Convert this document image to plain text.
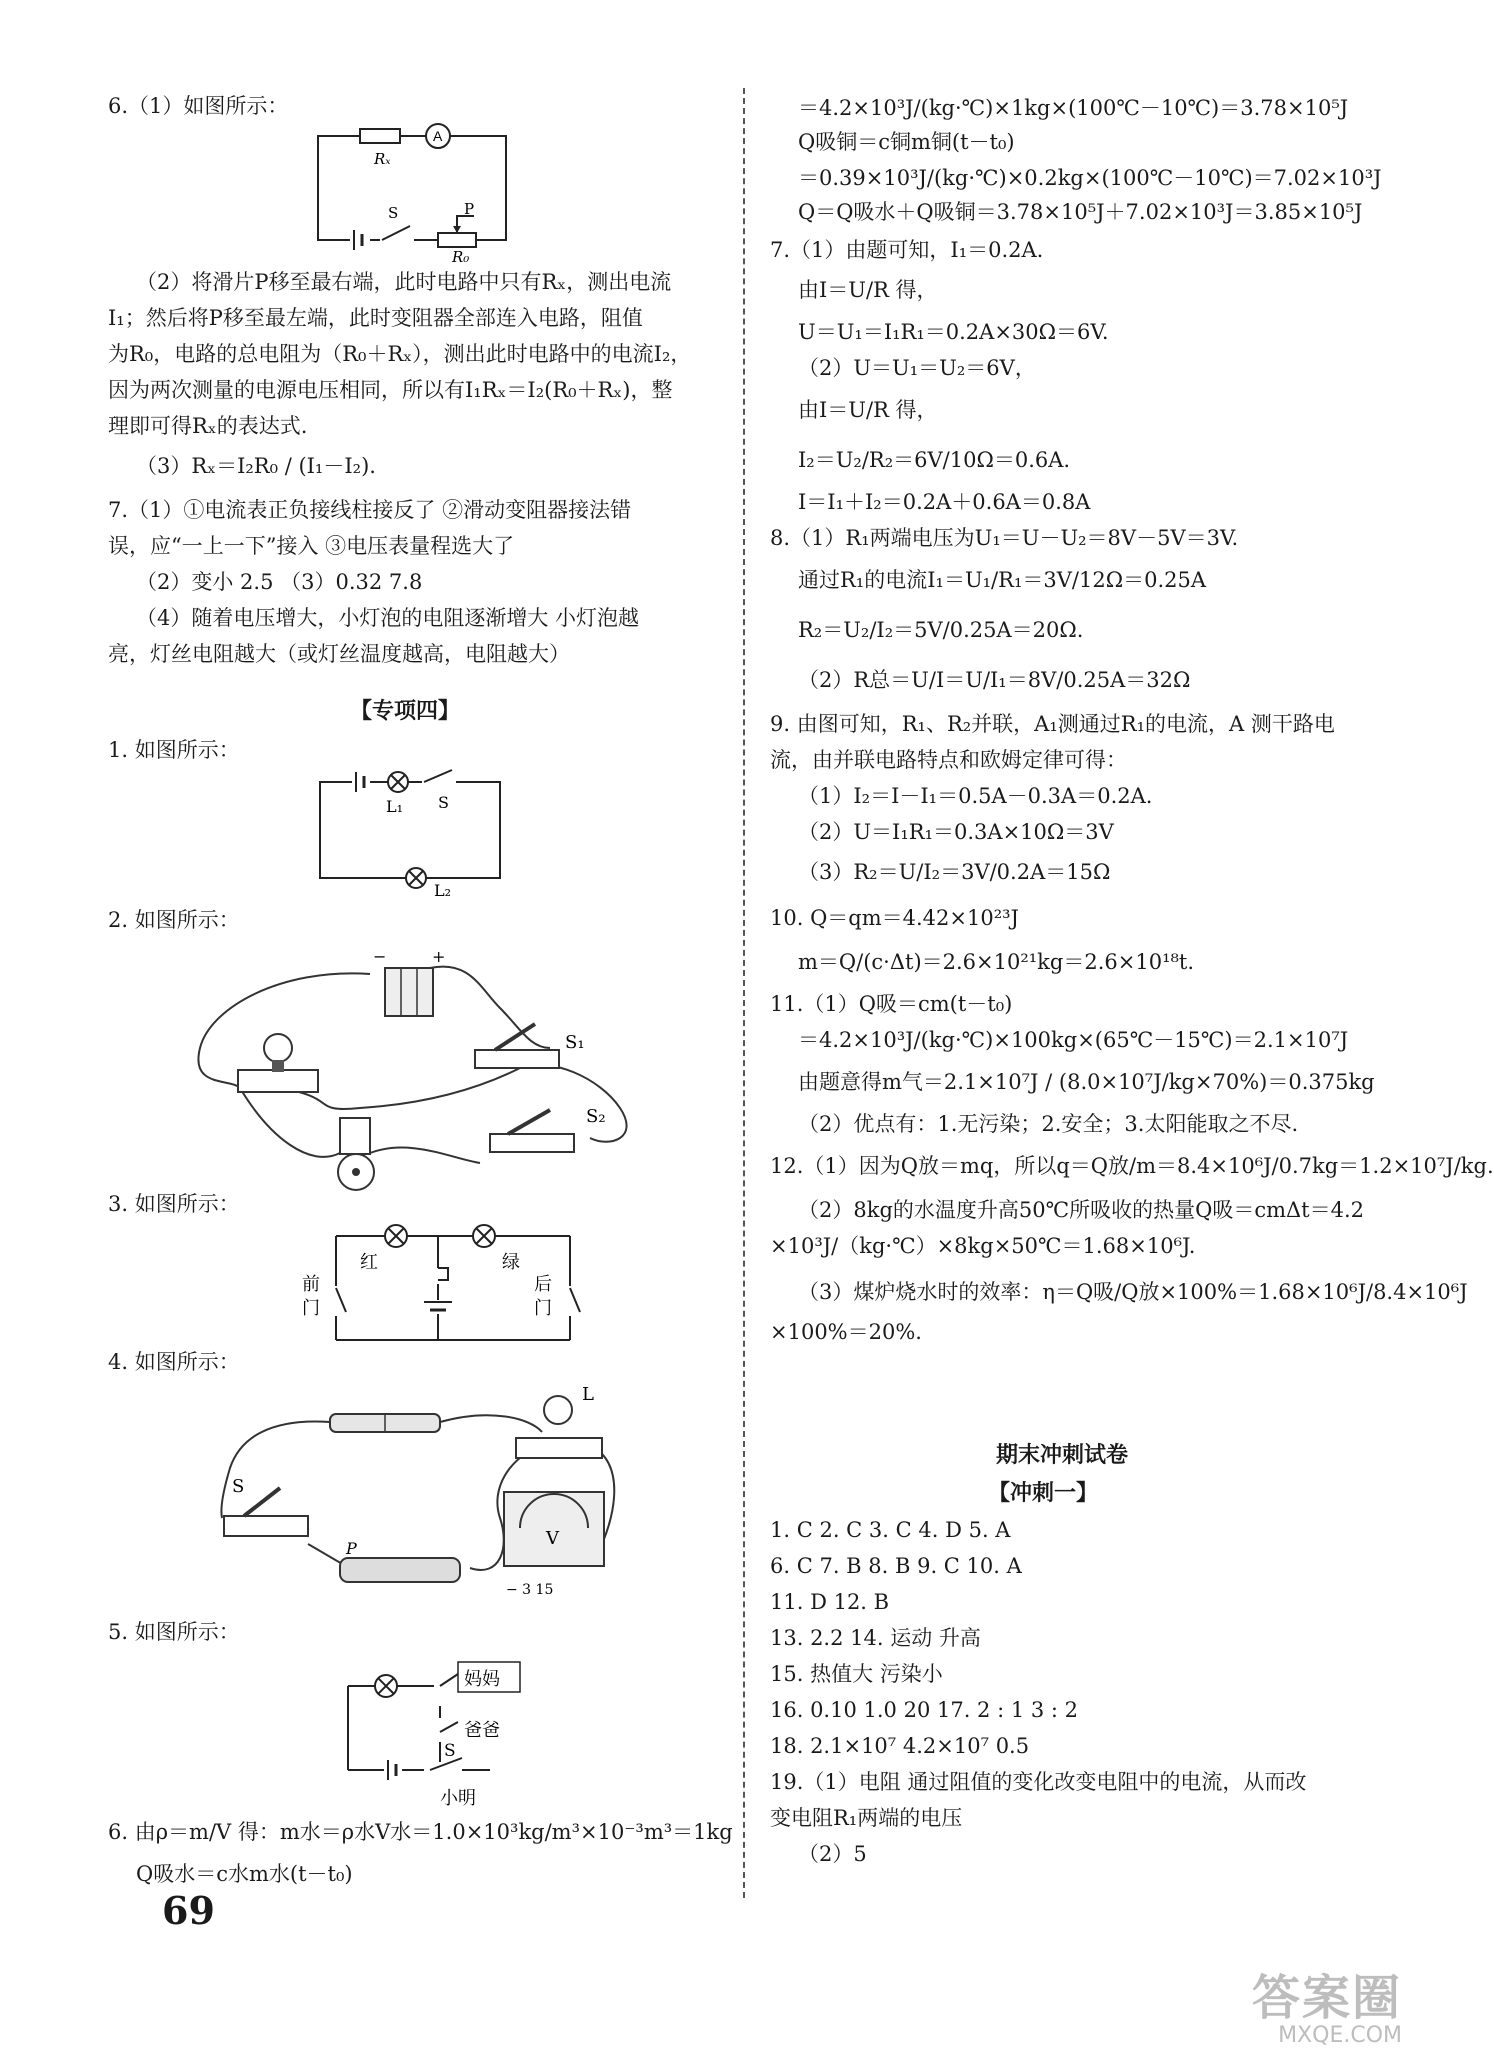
6.（1）如图所示：
A
Rₓ
S	P
R₀
（2）将滑片P移至最右端，此时电路中只有Rₓ，测出电流
I₁；然后将P移至最左端，此时变阻器全部连入电路，阻值
为R₀，电路的总电阻为（R₀＋Rₓ），测出此时电路中的电流I₂，
因为两次测量的电源电压相同，所以有I₁Rₓ＝I₂(R₀＋Rₓ)，整
理即可得Rₓ的表达式.
（3）Rₓ＝I₂R₀ / (I₁－I₂).
7.（1）①电流表正负接线柱接反了 ②滑动变阻器接法错
误，应“一上一下”接入 ③电压表量程选大了
（2）变小 2.5 （3）0.32 7.8
（4）随着电压增大，小灯泡的电阻逐渐增大 小灯泡越
亮，灯丝电阻越大（或灯丝温度越高，电阻越大）
【专项四】
1. 如图所示：
L₁ S
L₂
2. 如图所示：
−	+
S₁
S₂
3. 如图所示：
红	绿
前
门
后
门
4. 如图所示：
S
P
L
V
− 3 15
5. 如图所示：
妈妈
爸爸
S
小明
6. 由ρ＝m/V 得：m水＝ρ水V水＝1.0×10³kg/m³×10⁻³m³＝1kg
Q吸水＝c水m水(t－t₀)
＝4.2×10³J/(kg·℃)×1kg×(100℃－10℃)＝3.78×10⁵J
Q吸铜＝c铜m铜(t－t₀)
＝0.39×10³J/(kg·℃)×0.2kg×(100℃－10℃)＝7.02×10³J
Q＝Q吸水＋Q吸铜＝3.78×10⁵J＋7.02×10³J＝3.85×10⁵J
7.（1）由题可知，I₁＝0.2A.
由I＝U/R 得，
U＝U₁＝I₁R₁＝0.2A×30Ω＝6V.
（2）U＝U₁＝U₂＝6V，
由I＝U/R 得，
I₂＝U₂/R₂＝6V/10Ω＝0.6A.
I＝I₁＋I₂＝0.2A＋0.6A＝0.8A
8.（1）R₁两端电压为U₁＝U－U₂＝8V－5V＝3V.
通过R₁的电流I₁＝U₁/R₁＝3V/12Ω＝0.25A
R₂＝U₂/I₂＝5V/0.25A＝20Ω.
（2）R总＝U/I＝U/I₁＝8V/0.25A＝32Ω
9. 由图可知，R₁、R₂并联，A₁测通过R₁的电流，A 测干路电
流，由并联电路特点和欧姆定律可得：
（1）I₂＝I－I₁＝0.5A－0.3A＝0.2A.
（2）U＝I₁R₁＝0.3A×10Ω＝3V
（3）R₂＝U/I₂＝3V/0.2A＝15Ω
10. Q＝qm＝4.42×10²³J
m＝Q/(c·Δt)＝2.6×10²¹kg＝2.6×10¹⁸t.
11.（1）Q吸＝cm(t－t₀)
＝4.2×10³J/(kg·℃)×100kg×(65℃－15℃)＝2.1×10⁷J
由题意得m气＝2.1×10⁷J / (8.0×10⁷J/kg×70%)＝0.375kg
（2）优点有：1.无污染；2.安全；3.太阳能取之不尽.
12.（1）因为Q放＝mq，所以q＝Q放/m＝8.4×10⁶J/0.7kg＝1.2×10⁷J/kg.
（2）8kg的水温度升高50℃所吸收的热量Q吸＝cmΔt＝4.2
×10³J/（kg·℃）×8kg×50℃＝1.68×10⁶J.
（3）煤炉烧水时的效率：η＝Q吸/Q放×100%＝1.68×10⁶J/8.4×10⁶J
×100%＝20%.
期末冲刺试卷
【冲刺一】
1. C 2. C 3. C 4. D 5. A
6. C 7. B 8. B 9. C 10. A
11. D 12. B
13. 2.2 14. 运动 升高
15. 热值大 污染小
16. 0.10 1.0 20 17. 2 : 1 3 : 2
18. 2.1×10⁷ 4.2×10⁷ 0.5
19.（1）电阻 通过阻值的变化改变电阻中的电流，从而改
变电阻R₁两端的电压
（2）5
69
答案圈
MXQE.COM
